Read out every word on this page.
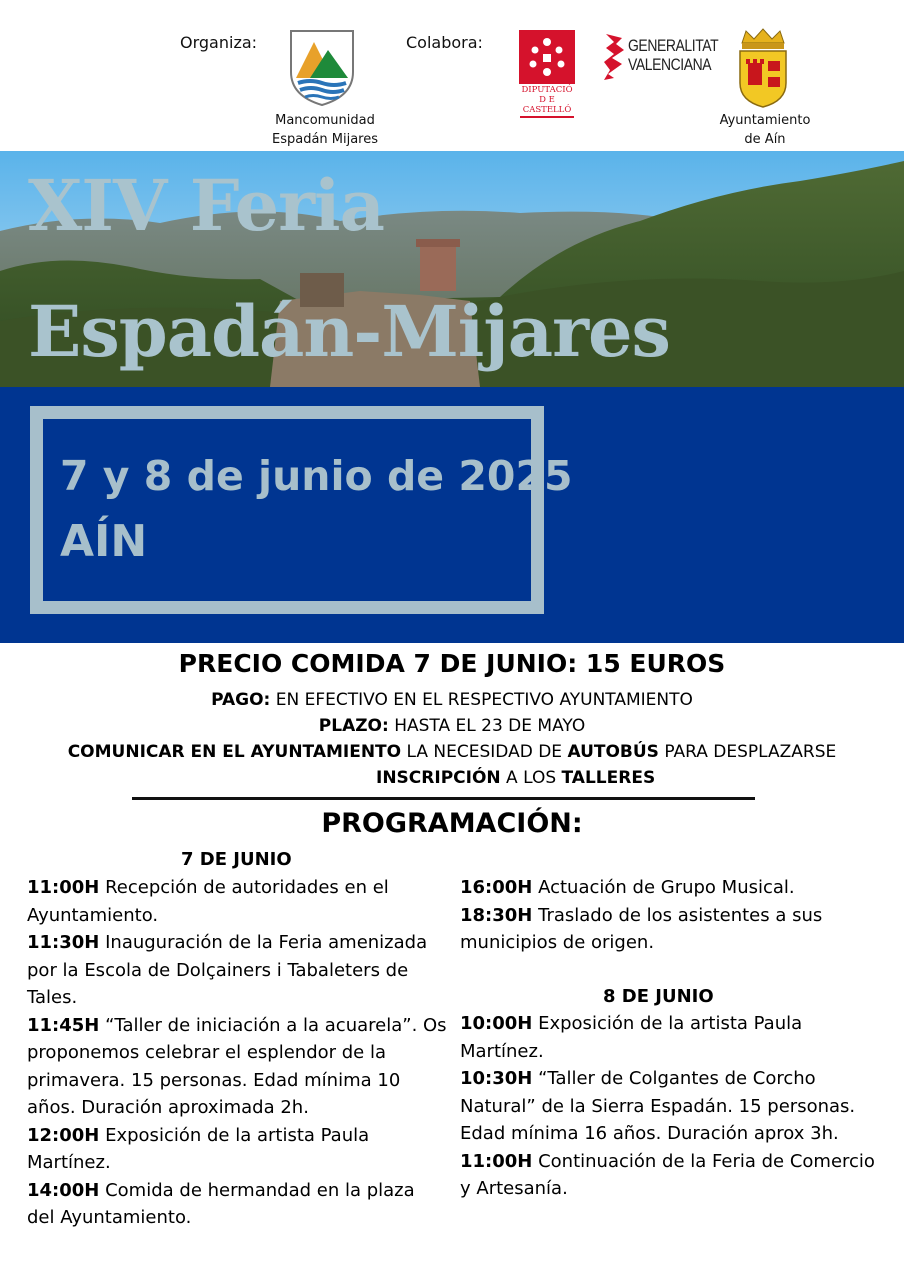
Organiza:
Mancomunidad
Espadán Mijares
Colabora:
DIPUTACIÓ
D E
CASTELLÓ
GENERALITAT
VALENCIANA
Ayuntamiento
de Aín
XIV Feria
Espadán-Mijares
7 y 8 de junio de 2025
AÍN
PRECIO COMIDA 7 DE JUNIO: 15 EUROS
PAGO: EN EFECTIVO EN EL RESPECTIVO AYUNTAMIENTO
PLAZO: HASTA EL 23 DE MAYO
COMUNICAR EN EL AYUNTAMIENTO LA NECESIDAD DE AUTOBÚS PARA DESPLAZARSE
INSCRIPCIÓN A LOS TALLERES
PROGRAMACIÓN:
7 DE JUNIO

11:00H Recepción de autoridades en el Ayuntamiento.

11:30H Inauguración de la Feria amenizada por la Escola de Dolçainers i Tabaleters de Tales.

11:45H “Taller de iniciación a la acuarela”. Os proponemos celebrar el esplendor de la primavera. 15 personas. Edad mínima 10 años. Duración aproximada 2h.

12:00H Exposición de la artista Paula Martínez.

14:00H Comida de hermandad en la plaza del Ayuntamiento.

16:00H Actuación de Grupo Musical.

18:30H Traslado de los asistentes a sus municipios de origen.

8 DE JUNIO

10:00H Exposición de la artista Paula Martínez.

10:30H “Taller de Colgantes de Corcho Natural” de la Sierra Espadán. 15 personas. Edad mínima 16 años. Duración aprox 3h.

11:00H Continuación de la Feria de Comercio y Artesanía.
